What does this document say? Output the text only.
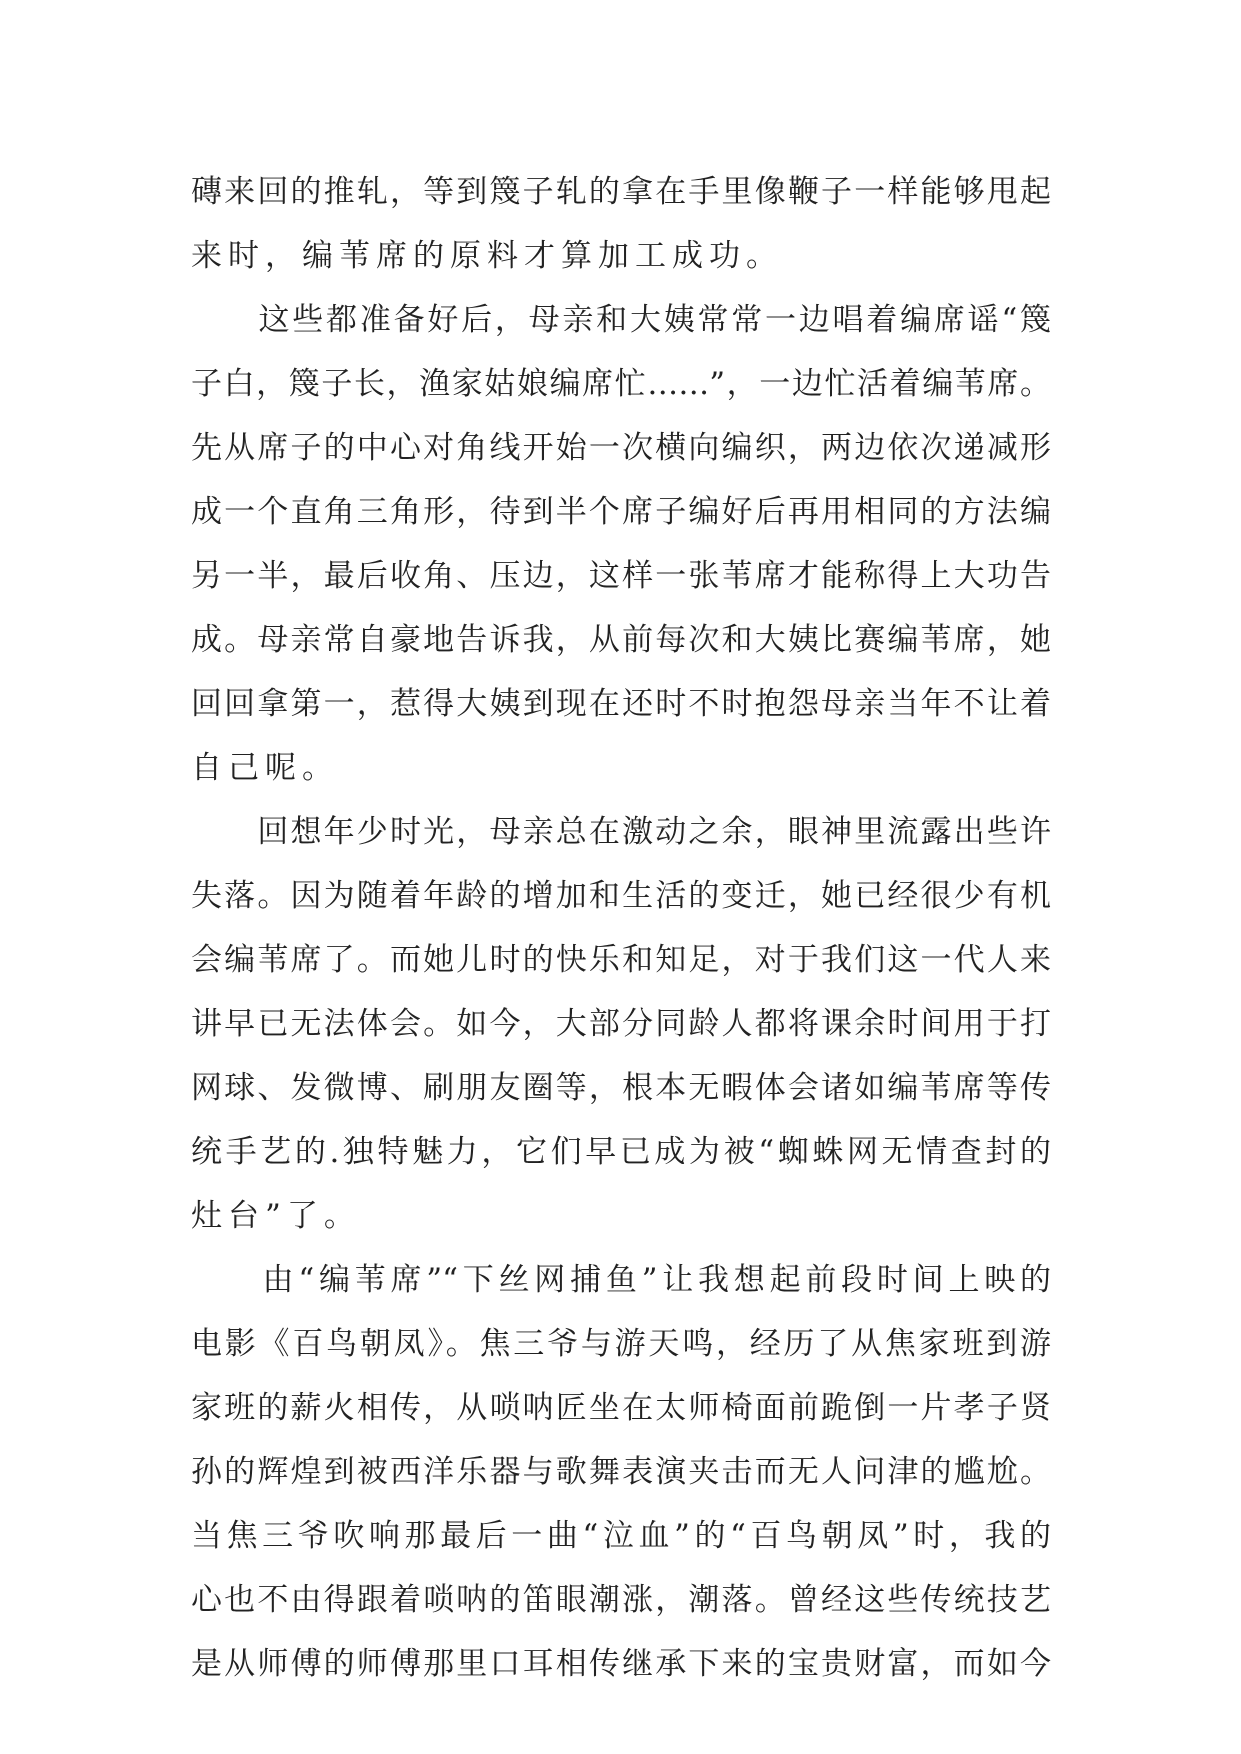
磚来回的推轧，等到篾子轧的拿在手里像鞭子一样能够甩起
来时，编苇席的原料才算加工成功。
　　这些都准备好后，母亲和大姨常常一边唱着编席谣“篾
子白，篾子长，渔家姑娘编席忙……”，一边忙活着编苇席。
先从席子的中心对角线开始一次横向编织，两边依次递减形
成一个直角三角形，待到半个席子编好后再用相同的方法编
另一半，最后收角、压边，这样一张苇席才能称得上大功告
成。母亲常自豪地告诉我，从前每次和大姨比赛编苇席，她
回回拿第一，惹得大姨到现在还时不时抱怨母亲当年不让着
自己呢。
　　回想年少时光，母亲总在激动之余，眼神里流露出些许
失落。因为随着年龄的增加和生活的变迁，她已经很少有机
会编苇席了。而她儿时的快乐和知足，对于我们这一代人来
讲早已无法体会。如今，大部分同龄人都将课余时间用于打
网球、发微博、刷朋友圈等，根本无暇体会诸如编苇席等传
统手艺的.独特魅力，它们早已成为被“蜘蛛网无情查封的
灶台”了。
　　由“编苇席”“下丝网捕鱼”让我想起前段时间上映的
电影《百鸟朝凤》。焦三爷与游天鸣，经历了从焦家班到游
家班的薪火相传，从唢呐匠坐在太师椅面前跪倒一片孝子贤
孙的辉煌到被西洋乐器与歌舞表演夹击而无人问津的尴尬。
当焦三爷吹响那最后一曲“泣血”的“百鸟朝凤”时，我的
心也不由得跟着唢呐的笛眼潮涨，潮落。曾经这些传统技艺
是从师傅的师傅那里口耳相传继承下来的宝贵财富，而如今
